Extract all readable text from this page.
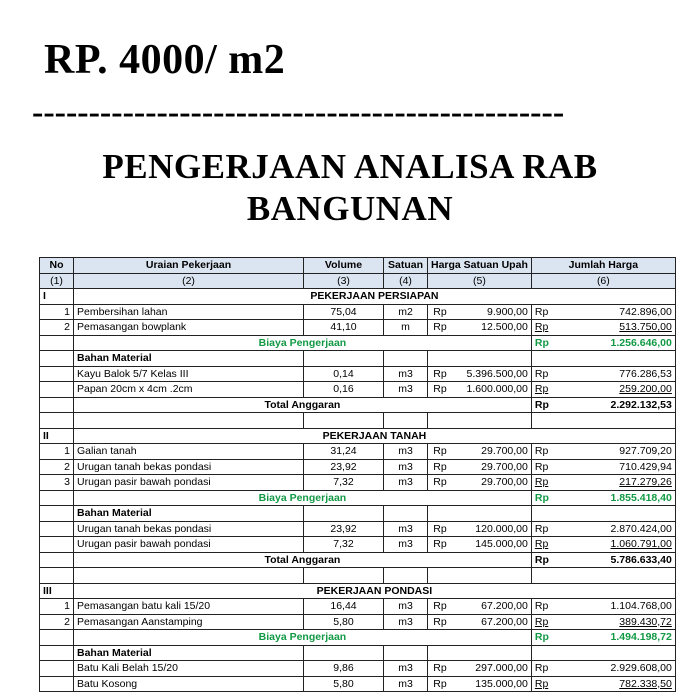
RP. 4000/ m2
-----------------------------------------------
PENGERJAAN ANALISA RAB
BANGUNAN
No	Uraian Pekerjaan	Volume	Satuan	Harga Satuan Upah		Jumlah Harga	
(1)	(2)	(3)	(4)	(5)		(6)	
I	PEKERJAAN PERSIAPAN						
1	Pembersihan lahan	75,04	m2	Rp	9.900,00	Rp	742.896,00
2	Pemasangan bowplank	41,10	m	Rp	12.500,00	Rp	513.750,00
	Biaya Pengerjaan					Rp	1.256.646,00
	Bahan Material						
	Kayu Balok 5/7 Kelas III	0,14	m3	Rp	5.396.500,00	Rp	776.286,53
	Papan 20cm x 4cm .2cm	0,16	m3	Rp	1.600.000,00	Rp	259.200,00
	Total Anggaran					Rp	2.292.132,53

II	PEKERJAAN TANAH						
1	Galian tanah	31,24	m3	Rp	29.700,00	Rp	927.709,20
2	Urugan tanah bekas pondasi	23,92	m3	Rp	29.700,00	Rp	710.429,94
3	Urugan pasir bawah pondasi	7,32	m3	Rp	29.700,00	Rp	217.279,26
	Biaya Pengerjaan					Rp	1.855.418,40
	Bahan Material						
	Urugan tanah bekas pondasi	23,92	m3	Rp	120.000,00	Rp	2.870.424,00
	Urugan pasir bawah pondasi	7,32	m3	Rp	145.000,00	Rp	1.060.791,00
	Total Anggaran					Rp	5.786.633,40

III	PEKERJAAN PONDASI						
1	Pemasangan batu kali 15/20	16,44	m3	Rp	67.200,00	Rp	1.104.768,00
2	Pemasangan Aanstamping	5,80	m3	Rp	67.200,00	Rp	389.430,72
	Biaya Pengerjaan					Rp	1.494.198,72
	Bahan Material						
	Batu Kali Belah 15/20	9,86	m3	Rp	297.000,00	Rp	2.929.608,00
	Batu Kosong	5,80	m3	Rp	135.000,00	Rp	782.338,50
